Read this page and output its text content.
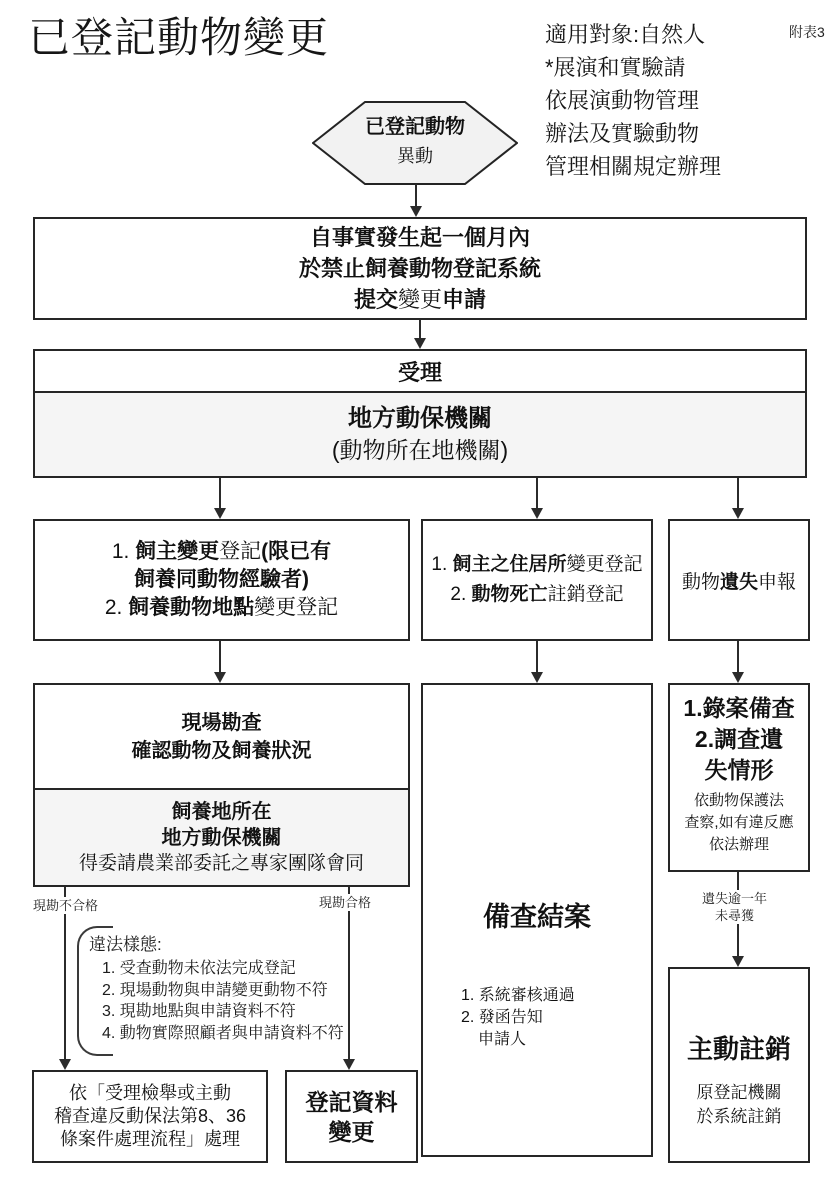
已登記動物變更	附表3
適用對象:自然人
*展演和實驗請
依展演動物管理
辦法及實驗動物
管理相關規定辦理
已登記動物
異動
自事實發生起一個月內
於禁止飼養動物登記系統
提交變更申請
受理
地方動保機關
(動物所在地機關)
1. 飼主變更登記(限已有
飼養同動物經驗者)
2. 飼養動物地點變更登記
1. 飼主之住居所變更登記
2. 動物死亡註銷登記
動物遺失申報
現場勘查
確認動物及飼養狀況
飼養地所在
地方動保機關
得委請農業部委託之專家團隊會同
現勘不合格	現勘合格
違法樣態:
1. 受查動物未依法完成登記
2. 現場動物與申請變更動物不符
3. 現勘地點與申請資料不符
4. 動物實際照顧者與申請資料不符
依「受理檢舉或主動
稽查違反動保法第8、36
條案件處理流程」處理
登記資料
變更
備查結案
1. 系統審核通過
2. 發函告知
申請人
1.錄案備查
2.調查遺
失情形
依動物保護法
查察,如有違反應
依法辦理
遺失逾一年
未尋獲
主動註銷
原登記機關
於系統註銷
